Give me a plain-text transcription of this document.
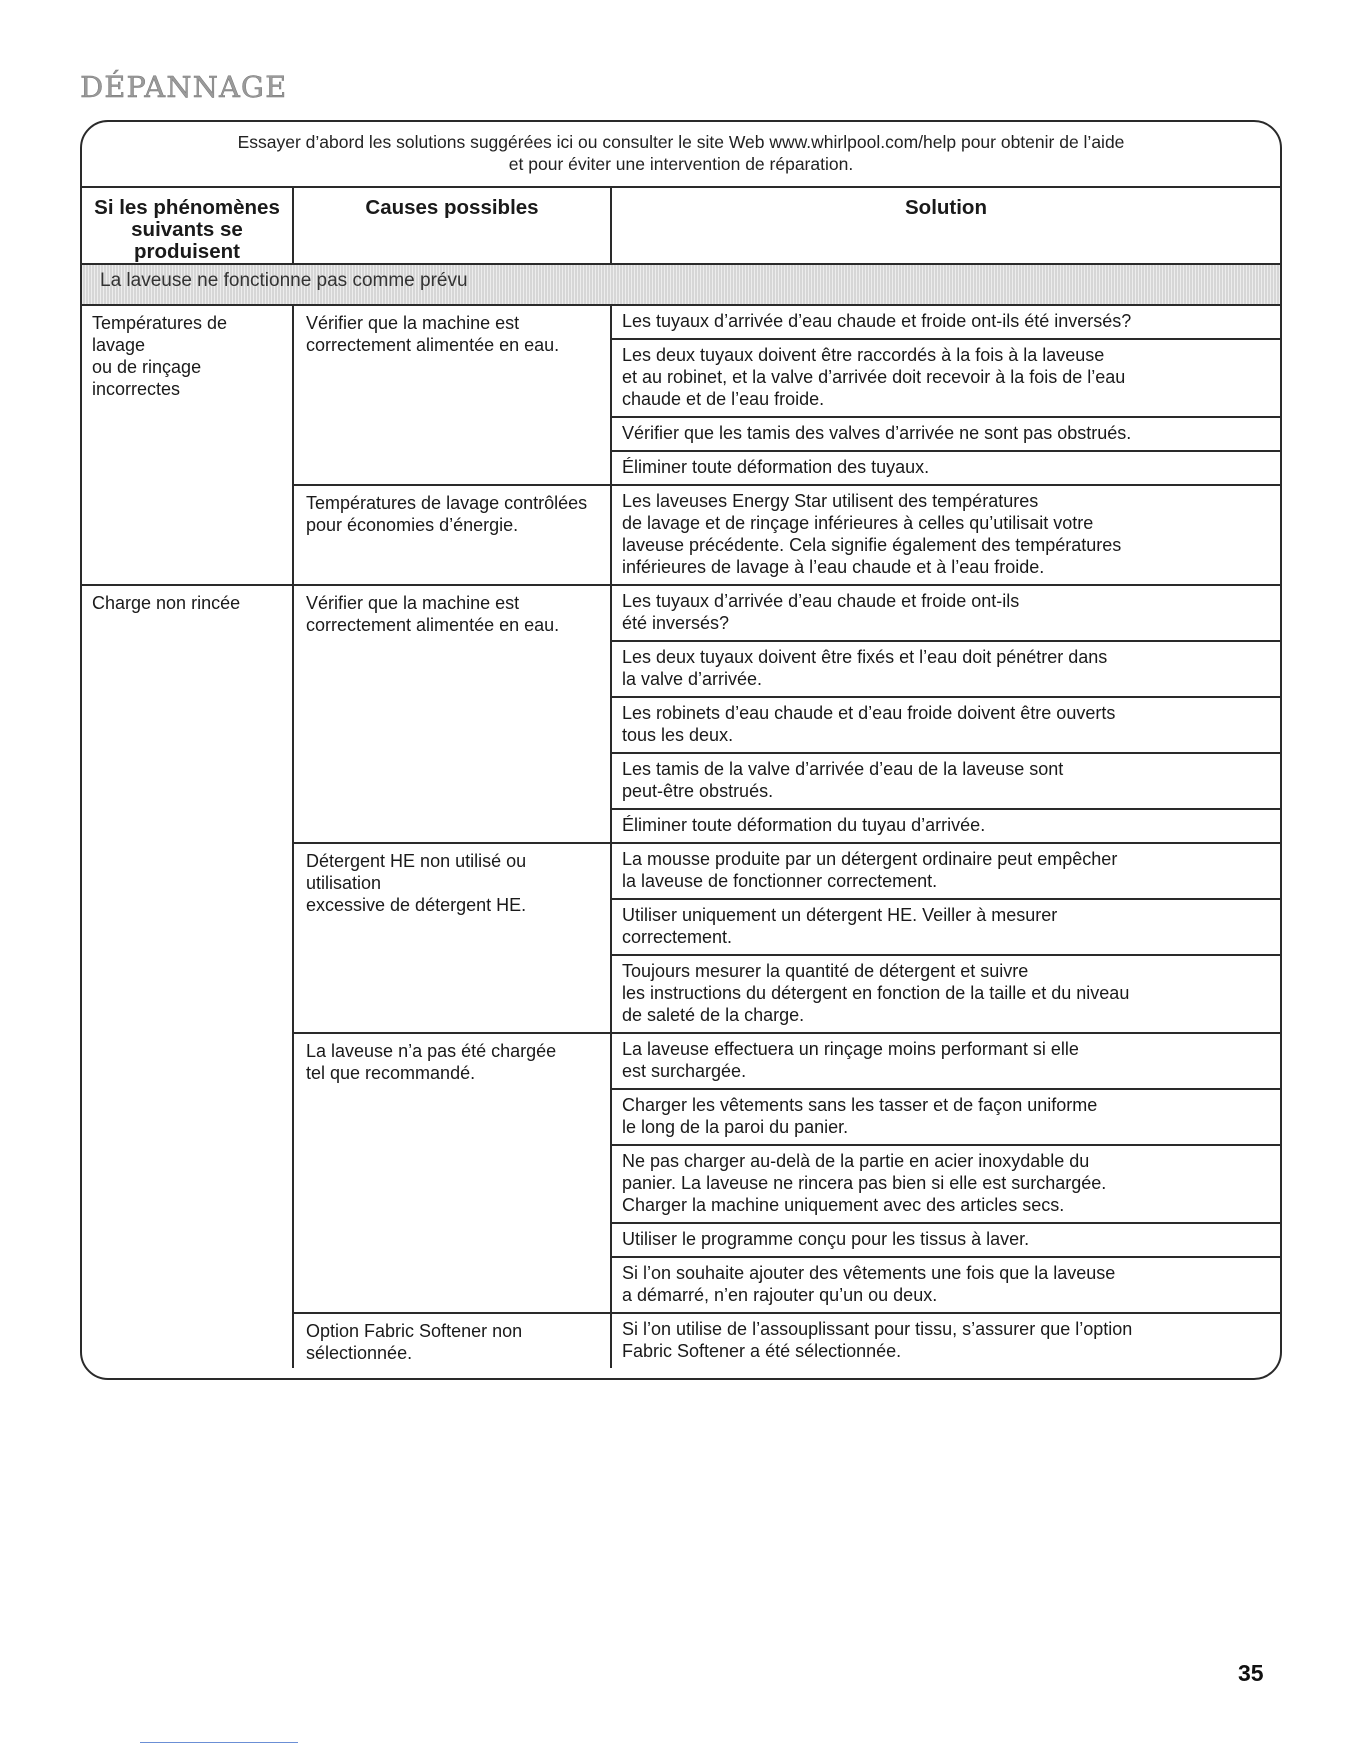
DÉPANNAGE
Essayer d’abord les solutions suggérées ici ou consulter le site Web www.whirlpool.com/help pour obtenir de l’aide
et pour éviter une intervention de réparation.
Si les phénomènes
suivants se produisent	Causes possibles	Solution
La laveuse ne fonctionne pas comme prévu		
Températures de lavage
ou de rinçage
incorrectes	Vérifier que la machine est
correctement alimentée en eau.	Les tuyaux d’arrivée d’eau chaude et froide ont-ils été inversés?
		Les deux tuyaux doivent être raccordés à la fois à la laveuse
et au robinet, et la valve d’arrivée doit recevoir à la fois de l’eau
chaude et de l’eau froide.
		Vérifier que les tamis des valves d’arrivée ne sont pas obstrués.
		Éliminer toute déformation des tuyaux.
	Températures de lavage contrôlées
pour économies d’énergie.	Les laveuses Energy Star utilisent des températures
de lavage et de rinçage inférieures à celles qu’utilisait votre
laveuse précédente. Cela signifie également des températures
inférieures de lavage à l’eau chaude et à l’eau froide.
Charge non rincée	Vérifier que la machine est
correctement alimentée en eau.	Les tuyaux d’arrivée d’eau chaude et froide ont-ils
été inversés?
		Les deux tuyaux doivent être fixés et l’eau doit pénétrer dans
la valve d’arrivée.
		Les robinets d’eau chaude et d’eau froide doivent être ouverts
tous les deux.
		Les tamis de la valve d’arrivée d’eau de la laveuse sont
peut-être obstrués.
		Éliminer toute déformation du tuyau d’arrivée.
	Détergent HE non utilisé ou utilisation
excessive de détergent HE.	La mousse produite par un détergent ordinaire peut empêcher
la laveuse de fonctionner correctement.
		Utiliser uniquement un détergent HE. Veiller à mesurer
correctement.
		Toujours mesurer la quantité de détergent et suivre
les instructions du détergent en fonction de la taille et du niveau
de saleté de la charge.
	La laveuse n’a pas été chargée
tel que recommandé.	La laveuse effectuera un rinçage moins performant si elle
est surchargée.
		Charger les vêtements sans les tasser et de façon uniforme
le long de la paroi du panier.
		Ne pas charger au-delà de la partie en acier inoxydable du
panier. La laveuse ne rincera pas bien si elle est surchargée.
Charger la machine uniquement avec des articles secs.
		Utiliser le programme conçu pour les tissus à laver.
		Si l’on souhaite ajouter des vêtements une fois que la laveuse
a démarré, n’en rajouter qu’un ou deux.
	Option Fabric Softener non
sélectionnée.	Si l’on utilise de l’assouplissant pour tissu, s’assurer que l’option
Fabric Softener a été sélectionnée.
35
